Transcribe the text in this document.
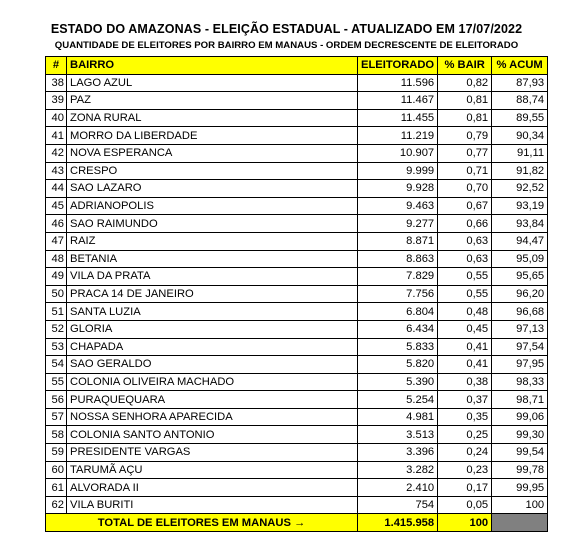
ESTADO DO AMAZONAS - ELEIÇÃO ESTADUAL - ATUALIZADO EM 17/07/2022
QUANTIDADE DE ELEITORES POR BAIRRO EM MANAUS - ORDEM DECRESCENTE DE ELEITORADO
#	BAIRRO	ELEITORADO	% BAIR	% ACUM
38	LAGO AZUL	11.596	0,82	87,93
39	PAZ	11.467	0,81	88,74
40	ZONA RURAL	11.455	0,81	89,55
41	MORRO DA LIBERDADE	11.219	0,79	90,34
42	NOVA ESPERANCA	10.907	0,77	91,11
43	CRESPO	9.999	0,71	91,82
44	SAO LAZARO	9.928	0,70	92,52
45	ADRIANOPOLIS	9.463	0,67	93,19
46	SAO RAIMUNDO	9.277	0,66	93,84
47	RAIZ	8.871	0,63	94,47
48	BETANIA	8.863	0,63	95,09
49	VILA DA PRATA	7.829	0,55	95,65
50	PRACA 14 DE JANEIRO	7.756	0,55	96,20
51	SANTA LUZIA	6.804	0,48	96,68
52	GLORIA	6.434	0,45	97,13
53	CHAPADA	5.833	0,41	97,54
54	SAO GERALDO	5.820	0,41	97,95
55	COLONIA OLIVEIRA MACHADO	5.390	0,38	98,33
56	PURAQUEQUARA	5.254	0,37	98,71
57	NOSSA SENHORA APARECIDA	4.981	0,35	99,06
58	COLONIA SANTO ANTONIO	3.513	0,25	99,30
59	PRESIDENTE VARGAS	3.396	0,24	99,54
60	TARUMÃ AÇU	3.282	0,23	99,78
61	ALVORADA II	2.410	0,17	99,95
62	VILA BURITI	754	0,05	100
TOTAL DE ELEITORES EM MANAUS →		1.415.958	100	
